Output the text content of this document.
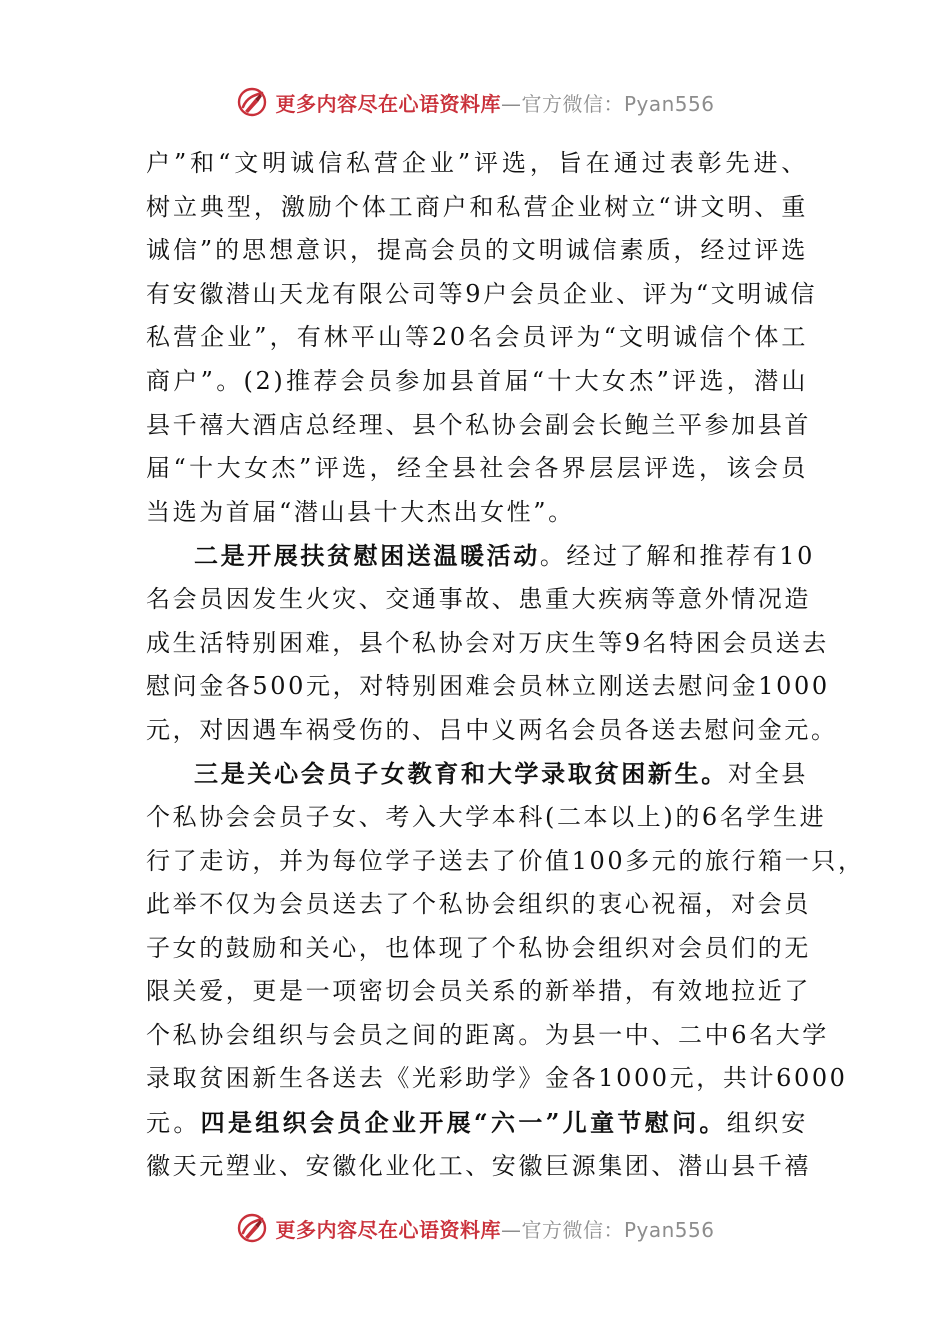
更多内容尽在心语资料库—官方微信：Pyan556
户”和“文明诚信私营企业”评选，旨在通过表彰先进、
树立典型，激励个体工商户和私营企业树立“讲文明、重
诚信”的思想意识，提高会员的文明诚信素质，经过评选
有安徽潜山天龙有限公司等9户会员企业、评为“文明诚信
私营企业”，有林平山等20名会员评为“文明诚信个体工
商户”。(2)推荐会员参加县首届“十大女杰”评选，潜山
县千禧大酒店总经理、县个私协会副会长鲍兰平参加县首
届“十大女杰”评选，经全县社会各界层层评选，该会员
当选为首届“潜山县十大杰出女性”。
二是开展扶贫慰困送温暖活动。经过了解和推荐有10
名会员因发生火灾、交通事故、患重大疾病等意外情况造
成生活特别困难，县个私协会对万庆生等9名特困会员送去
慰问金各500元，对特别困难会员林立刚送去慰问金1000
元，对因遇车祸受伤的、吕中义两名会员各送去慰问金元。
三是关心会员子女教育和大学录取贫困新生。对全县
个私协会会员子女、考入大学本科(二本以上)的6名学生进
行了走访，并为每位学子送去了价值100多元的旅行箱一只，
此举不仅为会员送去了个私协会组织的衷心祝福，对会员
子女的鼓励和关心，也体现了个私协会组织对会员们的无
限关爱，更是一项密切会员关系的新举措，有效地拉近了
个私协会组织与会员之间的距离。为县一中、二中6名大学
录取贫困新生各送去《光彩助学》金各1000元，共计6000
元。四是组织会员企业开展“六一”儿童节慰问。组织安
徽天元塑业、安徽化业化工、安徽巨源集团、潜山县千禧
更多内容尽在心语资料库—官方微信：Pyan556
